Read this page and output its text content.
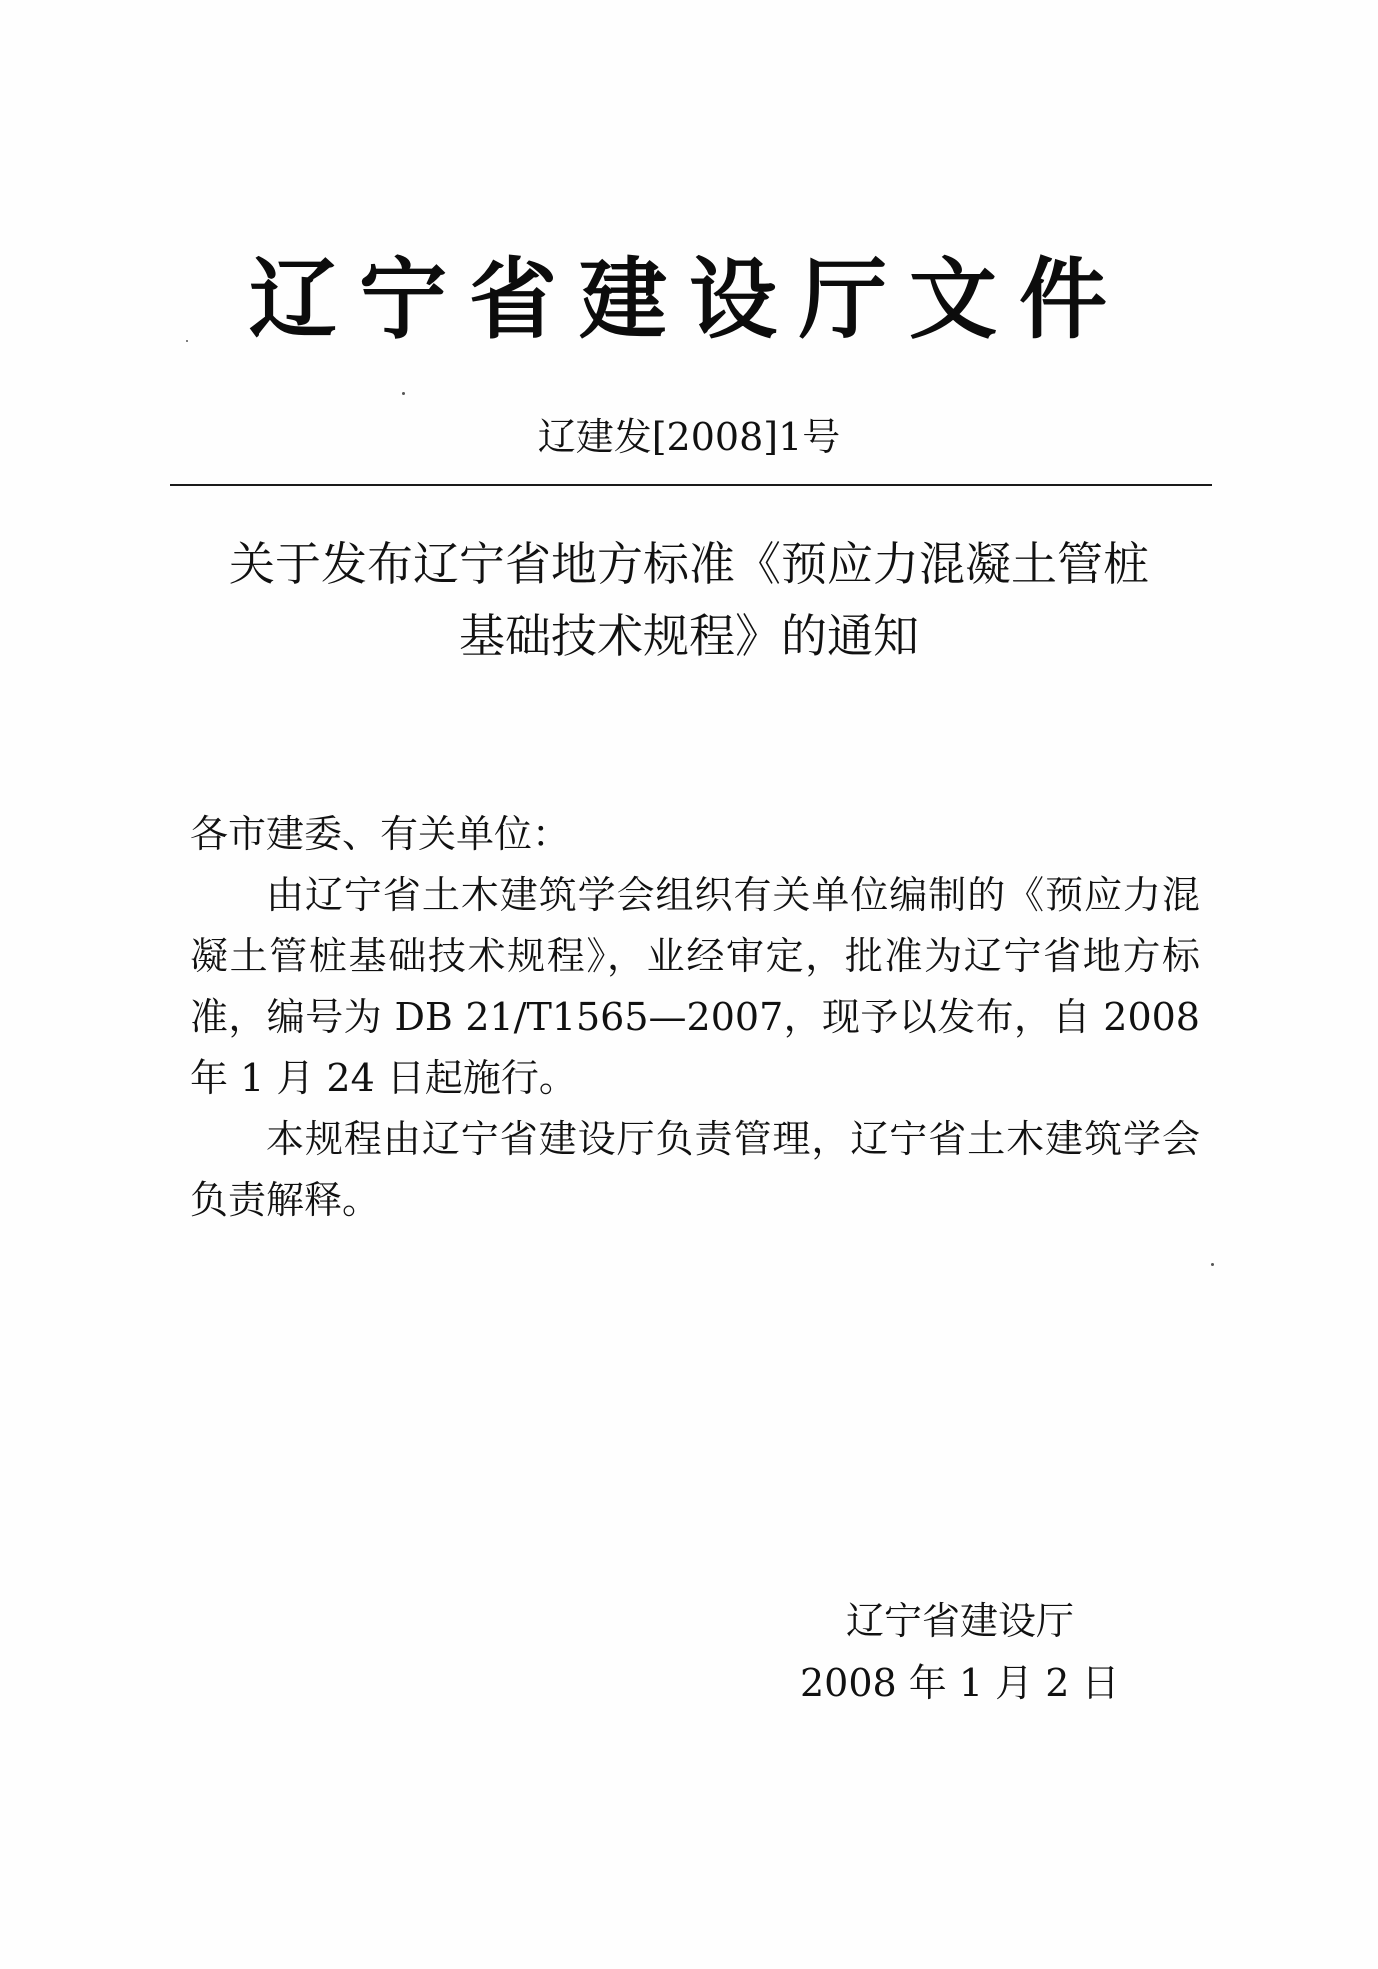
辽宁省建设厅文件
辽建发[2008]1号
关于发布辽宁省地方标准《预应力混凝土管桩
基础技术规程》的通知

各市建委、有关单位：

由辽宁省土木建筑学会组织有关单位编制的《预应力混凝土管桩基础技术规程》，业经审定，批准为辽宁省地方标准，编号为 DB 21/T1565—2007，现予以发布，自 2008 年 1 月 24 日起施行。

本规程由辽宁省建设厅负责管理，辽宁省土木建筑学会负责解释。

辽宁省建设厅
2008 年 1 月 2 日
